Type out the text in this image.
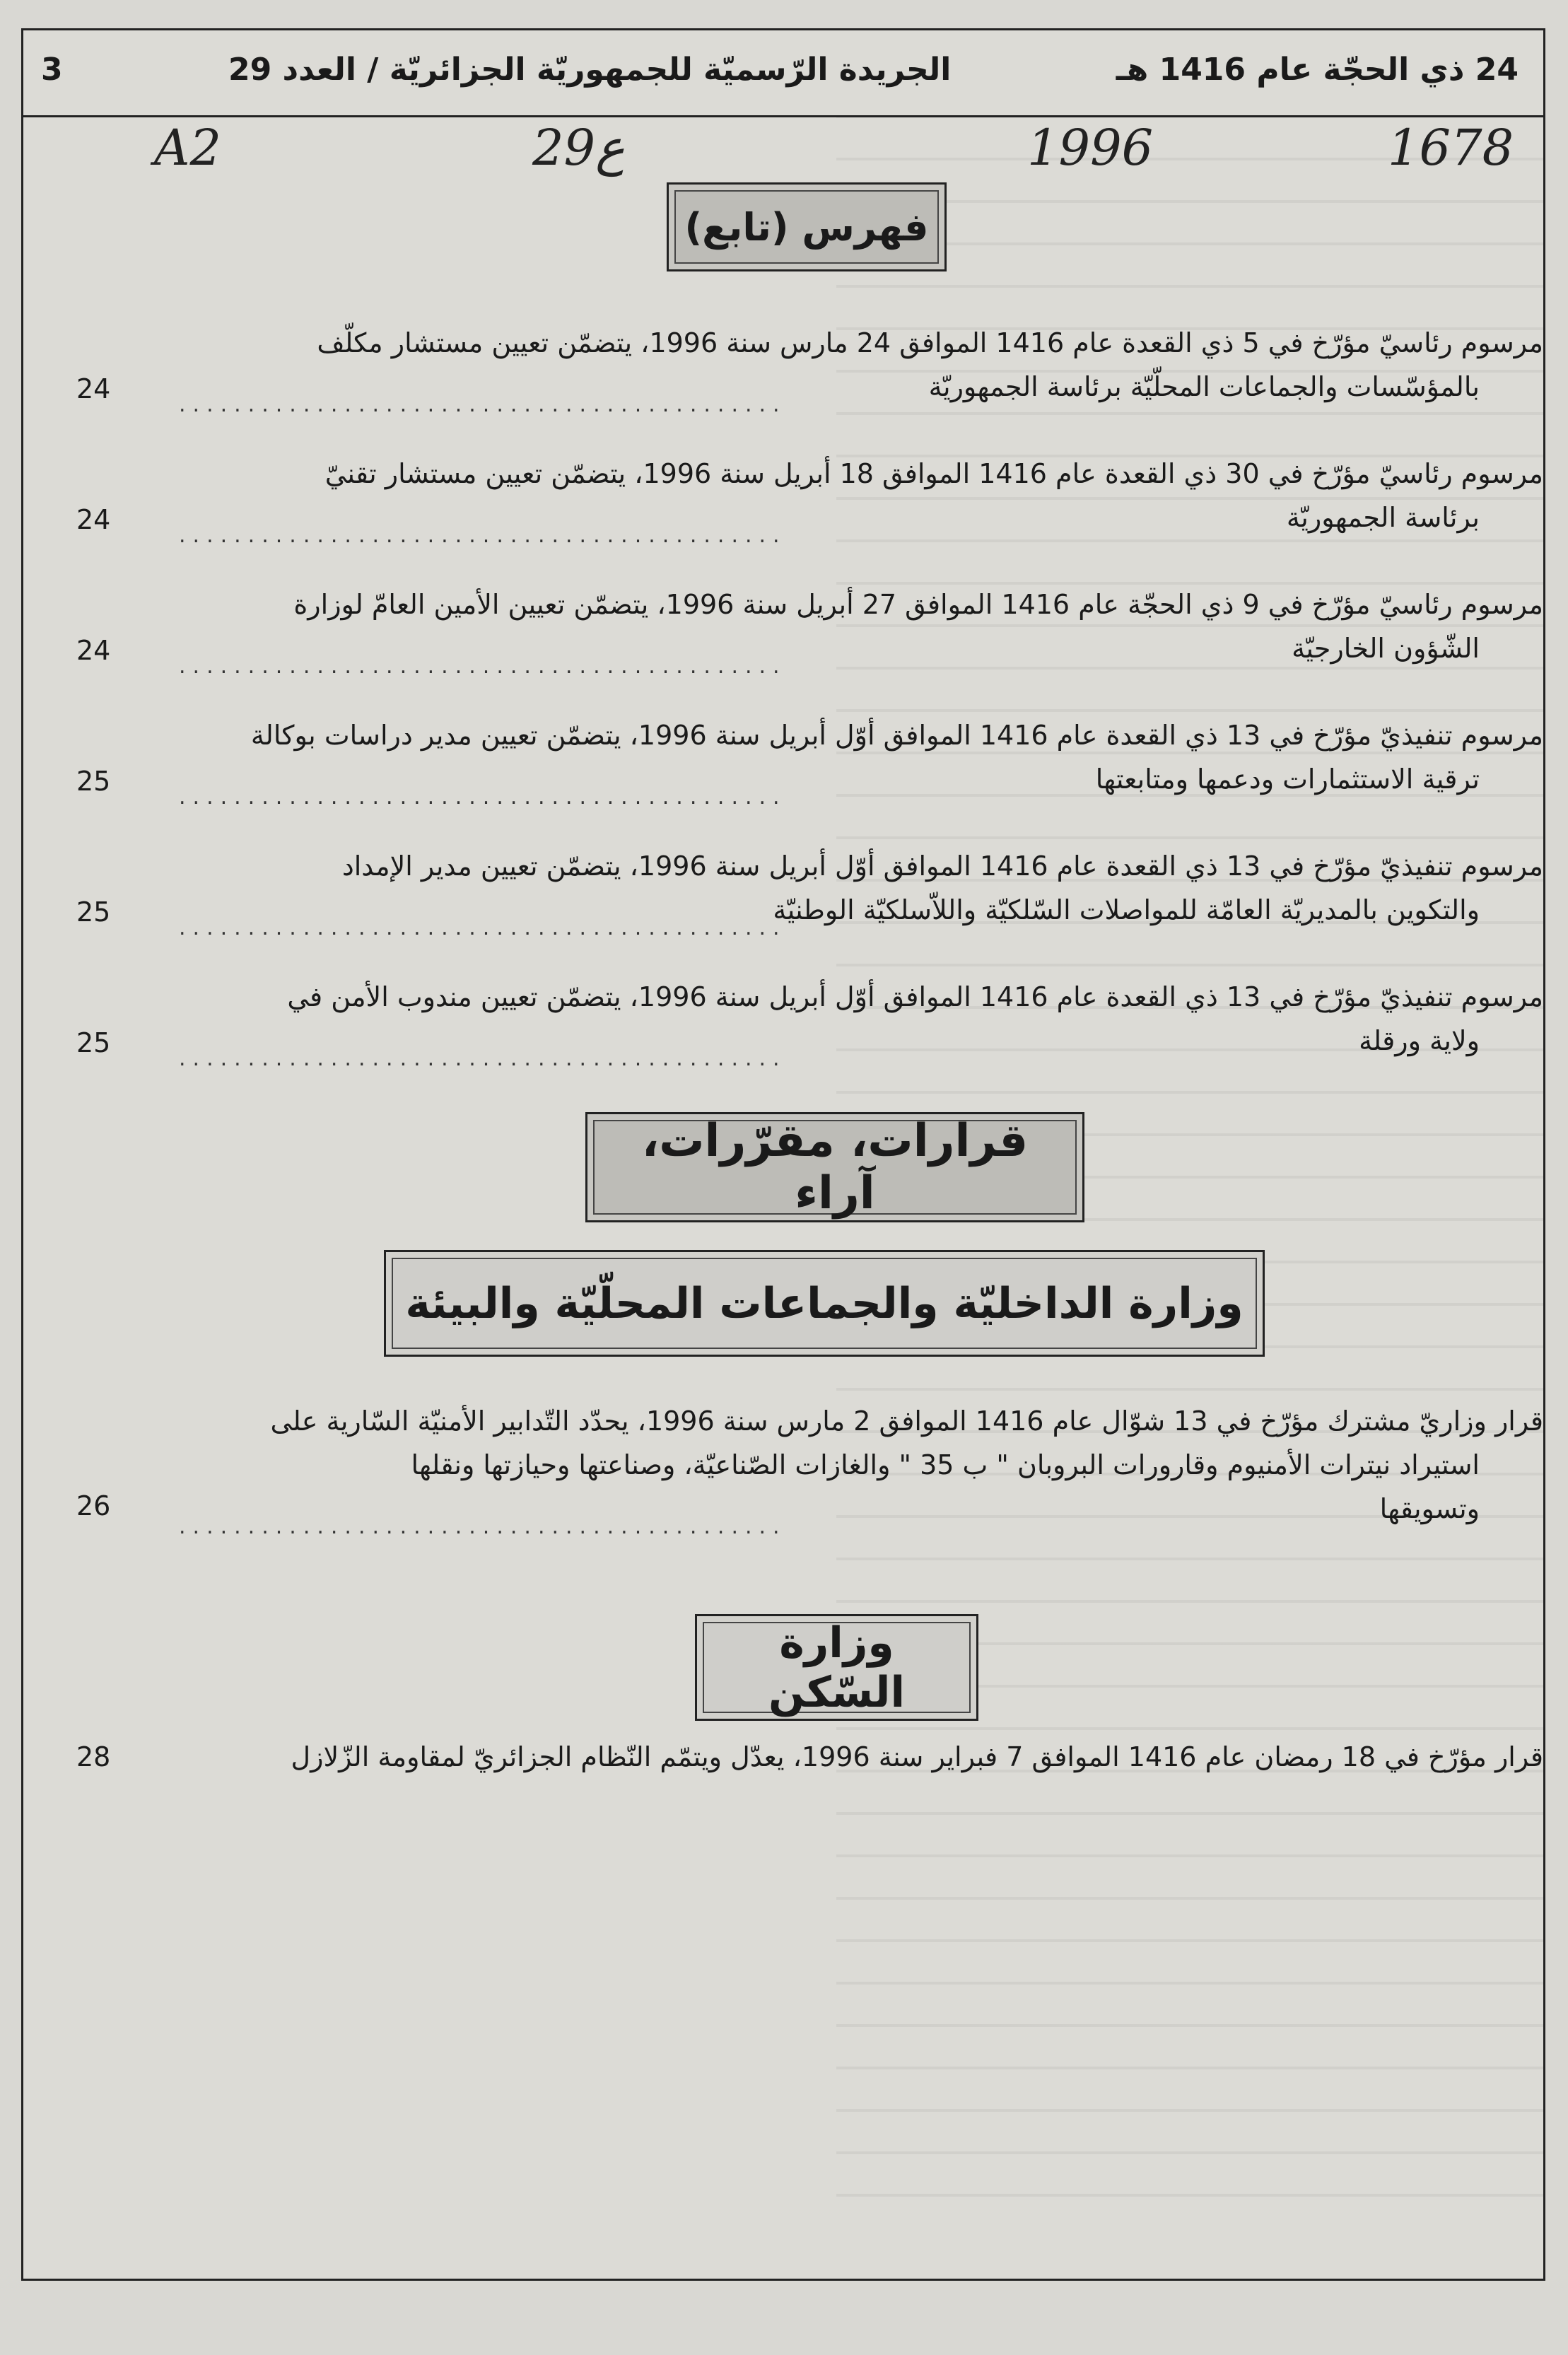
3	الجريدة الرّسميّة للجمهوريّة الجزائريّة / العدد 29	24 ذي الحجّة عام 1416 هـ
A2	29ع	1996	1678
فهرس (تابع)
مرسوم رئاسيّ مؤرّخ في 5 ذي القعدة عام 1416 الموافق 24 مارس سنة 1996، يتضمّن تعيين مستشار مكلّف
بالمؤسّسات والجماعات المحلّيّة برئاسة الجمهوريّة
............................................
24
مرسوم رئاسيّ مؤرّخ في 30 ذي القعدة عام 1416 الموافق 18 أبريل سنة 1996، يتضمّن تعيين مستشار تقنيّ
برئاسة الجمهوريّة
............................................
24
مرسوم رئاسيّ مؤرّخ في 9 ذي الحجّة عام 1416 الموافق 27 أبريل سنة 1996، يتضمّن تعيين الأمين العامّ لوزارة
الشّؤون الخارجيّة
............................................
24
مرسوم تنفيذيّ مؤرّخ في 13 ذي القعدة عام 1416 الموافق أوّل أبريل سنة 1996، يتضمّن تعيين مدير دراسات بوكالة
ترقية الاستثمارات ودعمها ومتابعتها
............................................
25
مرسوم تنفيذيّ مؤرّخ في 13 ذي القعدة عام 1416 الموافق أوّل أبريل سنة 1996، يتضمّن تعيين مدير الإمداد
والتكوين بالمديريّة العامّة للمواصلات السّلكيّة واللاّسلكيّة الوطنيّة
............................................
25
مرسوم تنفيذيّ مؤرّخ في 13 ذي القعدة عام 1416 الموافق أوّل أبريل سنة 1996، يتضمّن تعيين مندوب الأمن في
ولاية ورقلة
............................................
25
قرارات، مقرّرات، آراء
وزارة الداخليّة والجماعات المحلّيّة والبيئة
قرار وزاريّ مشترك مؤرّخ في 13 شوّال عام 1416 الموافق 2 مارس سنة 1996، يحدّد التّدابير الأمنيّة السّارية على
استيراد نيترات الأمنيوم وقارورات البروبان " ب 35 " والغازات الصّناعيّة، وصناعتها وحيازتها ونقلها
وتسويقها
............................................
26
وزارة السّكن
قرار مؤرّخ في 18 رمضان عام 1416 الموافق 7 فبراير سنة 1996، يعدّل ويتمّم النّظام الجزائريّ لمقاومة الزّلازل
28
